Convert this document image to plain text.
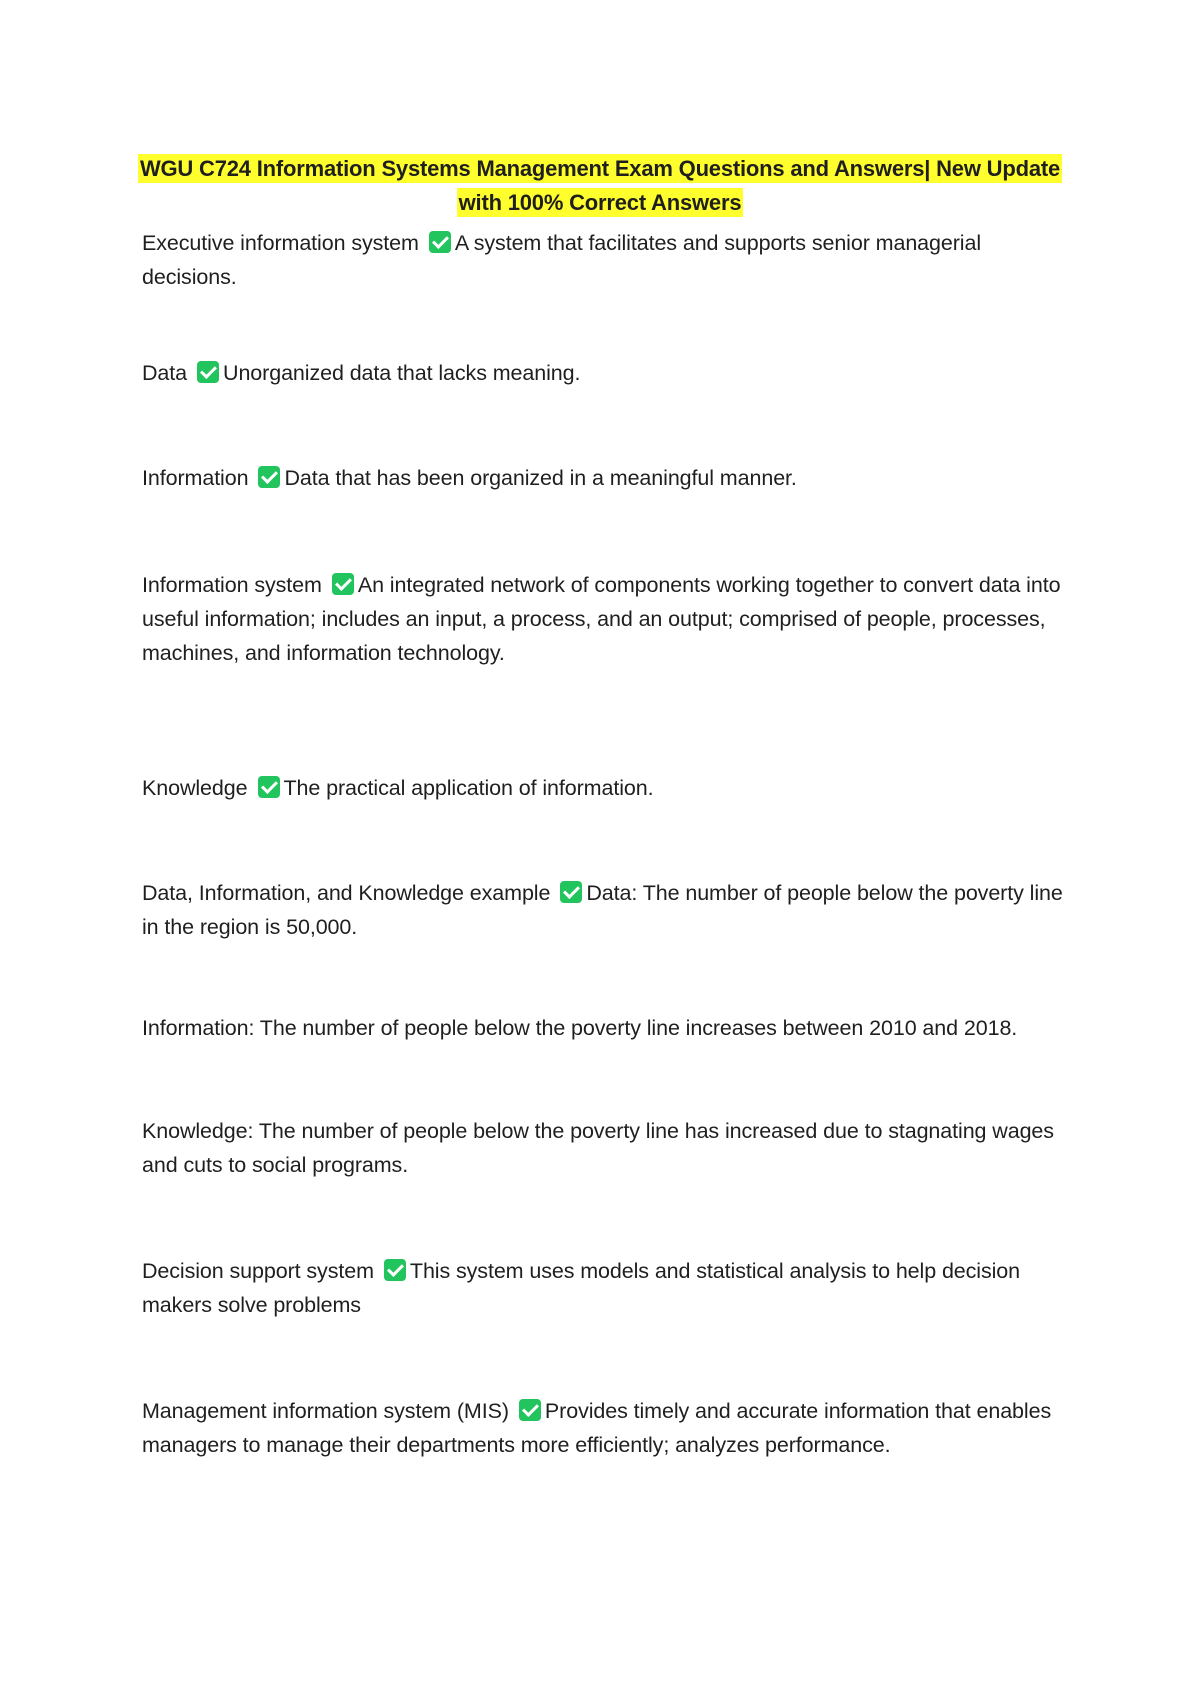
WGU C724 Information Systems Management Exam Questions and Answers| New Update
with 100% Correct Answers
Executive information system A system that facilitates and supports senior managerial decisions.
Data Unorganized data that lacks meaning.
Information Data that has been organized in a meaningful manner.
Information system An integrated network of components working together to convert data into useful information; includes an input, a process, and an output; comprised of people, processes, machines, and information technology.
Knowledge The practical application of information.
Data, Information, and Knowledge example Data: The number of people below the poverty line in the region is 50,000.
Information: The number of people below the poverty line increases between 2010 and 2018.
Knowledge: The number of people below the poverty line has increased due to stagnating wages and cuts to social programs.
Decision support system This system uses models and statistical analysis to help decision makers solve problems
Management information system (MIS) Provides timely and accurate information that enables managers to manage their departments more efficiently; analyzes performance.
